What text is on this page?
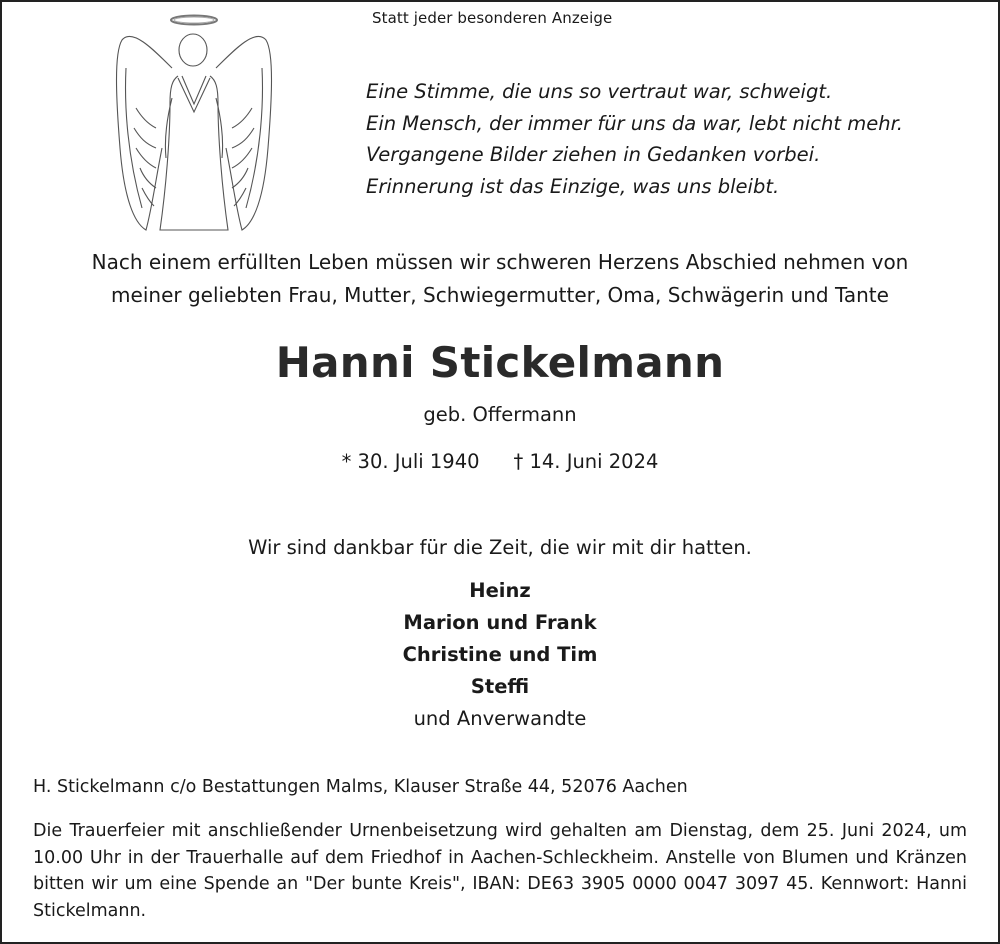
Statt jeder besonderen Anzeige
Eine Stimme, die uns so vertraut war, schweigt.
Ein Mensch, der immer für uns da war, lebt nicht mehr.
Vergangene Bilder ziehen in Gedanken vorbei.
Erinnerung ist das Einzige, was uns bleibt.
Nach einem erfüllten Leben müssen wir schweren Herzens Abschied nehmen von
meiner geliebten Frau, Mutter, Schwiegermutter, Oma, Schwägerin und Tante
Hanni Stickelmann
geb. Offermann
* 30. Juli 1940 † 14. Juni 2024
Wir sind dankbar für die Zeit, die wir mit dir hatten.
Heinz
Marion und Frank
Christine und Tim
Steffi
und Anverwandte
H. Stickelmann c/o Bestattungen Malms, Klauser Straße 44, 52076 Aachen
Die Trauerfeier mit anschließender Urnenbeisetzung wird gehalten am Dienstag, dem 25. Juni 2024, um 10.00 Uhr in der Trauerhalle auf dem Friedhof in Aachen-Schleckheim. Anstelle von Blumen und Kränzen bitten wir um eine Spende an "Der bunte Kreis", IBAN: DE63 3905 0000 0047 3097 45. Kennwort: Hanni Stickelmann.
